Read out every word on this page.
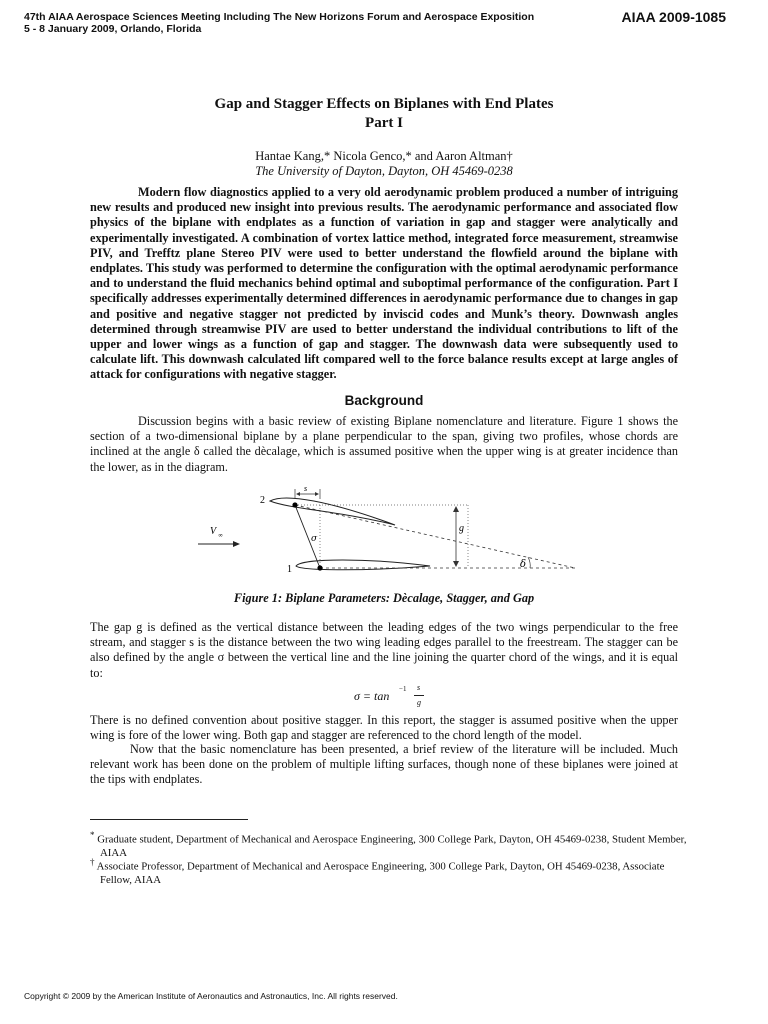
47th AIAA Aerospace Sciences Meeting Including The New Horizons Forum and Aerospace Exposition
5 - 8 January 2009, Orlando, Florida
AIAA 2009-1085
Gap and Stagger Effects on Biplanes with End Plates
Part I
Hantae Kang,* Nicola Genco,* and Aaron Altman†
The University of Dayton, Dayton, OH 45469-0238

Modern flow diagnostics applied to a very old aerodynamic problem produced a number of intriguing new results and produced new insight into previous results. The aerodynamic performance and associated flow physics of the biplane with endplates as a function of variation in gap and stagger were analytically and experimentally investigated. A combination of vortex lattice method, integrated force measurement, streamwise PIV, and Trefftz plane Stereo PIV were used to better understand the flowfield around the biplane with endplates. This study was performed to determine the configuration with the optimal aerodynamic performance and to understand the fluid mechanics behind optimal and suboptimal performance of the configuration. Part I specifically addresses experimentally determined differences in aerodynamic performance due to changes in gap and positive and negative stagger not predicted by inviscid codes and Munk’s theory. Downwash angles determined through streamwise PIV are used to better understand the individual contributions to lift of the upper and lower wings as a function of gap and stagger. The downwash data were subsequently used to calculate lift. This downwash calculated lift compared well to the force balance results except at large angles of attack for configurations with negative stagger.

Background

Discussion begins with a basic review of existing Biplane nomenclature and literature. Figure 1 shows the section of a two-dimensional biplane by a plane perpendicular to the span, giving two profiles, whose chords are inclined at the angle δ called the dècalage, which is assumed positive when the upper wing is at greater incidence than the lower, as in the diagram.

2
1
s
g
σ
δ
V ∞
Figure 1: Biplane Parameters: Dècalage, Stagger, and Gap

The gap g is defined as the vertical distance between the leading edges of the two wings perpendicular to the free stream, and stagger s is the distance between the two wing leading edges parallel to the freestream. The stagger can be also defined by the angle σ between the vertical line and the line joining the quarter chord of the wings, and it is equal to:

σ = tan −1 s
g

There is no defined convention about positive stagger. In this report, the stagger is assumed positive when the upper wing is fore of the lower wing. Both gap and stagger are referenced to the chord length of the model.

Now that the basic nomenclature has been presented, a brief review of the literature will be included. Much relevant work has been done on the problem of multiple lifting surfaces, though none of these biplanes were joined at the tips with endplates.

* Graduate student, Department of Mechanical and Aerospace Engineering, 300 College Park, Dayton, OH 45469-0238, Student Member, AIAA

† Associate Professor, Department of Mechanical and Aerospace Engineering, 300 College Park, Dayton, OH 45469-0238, Associate Fellow, AIAA

Copyright © 2009 by the American Institute of Aeronautics and Astronautics, Inc. All rights reserved.
